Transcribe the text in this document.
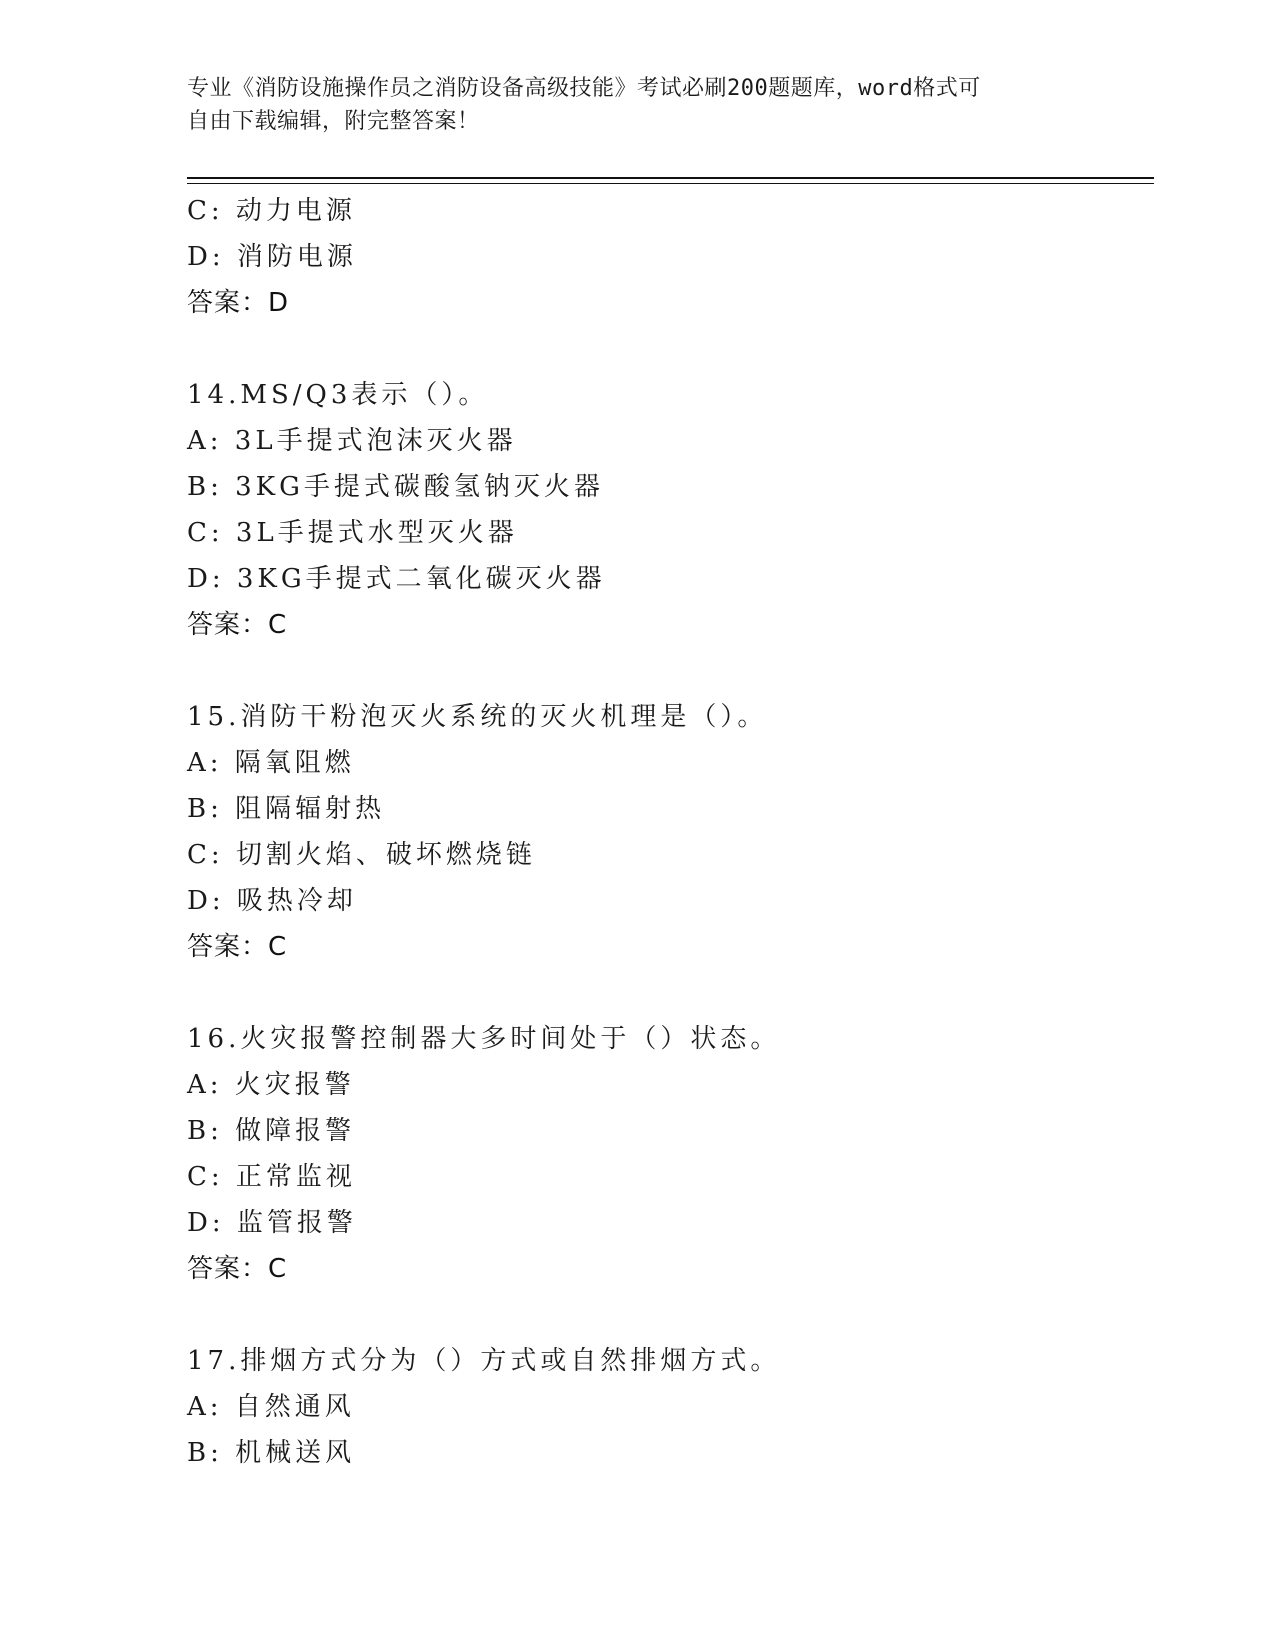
专业《消防设施操作员之消防设备高级技能》考试必刷200题题库，word格式可
自由下载编辑，附完整答案！
C: 动力电源
D: 消防电源
答案：D
14.MS/Q3表示（）。
A: 3L手提式泡沫灭火器
B: 3KG手提式碳酸氢钠灭火器
C: 3L手提式水型灭火器
D: 3KG手提式二氧化碳灭火器
答案：C
15.消防干粉泡灭火系统的灭火机理是（）。
A: 隔氧阻燃
B: 阻隔辐射热
C: 切割火焰、破坏燃烧链
D: 吸热冷却
答案：C
16.火灾报警控制器大多时间处于（）状态。
A: 火灾报警
B: 做障报警
C: 正常监视
D: 监管报警
答案：C
17.排烟方式分为（）方式或自然排烟方式。
A: 自然通风
B: 机械送风
